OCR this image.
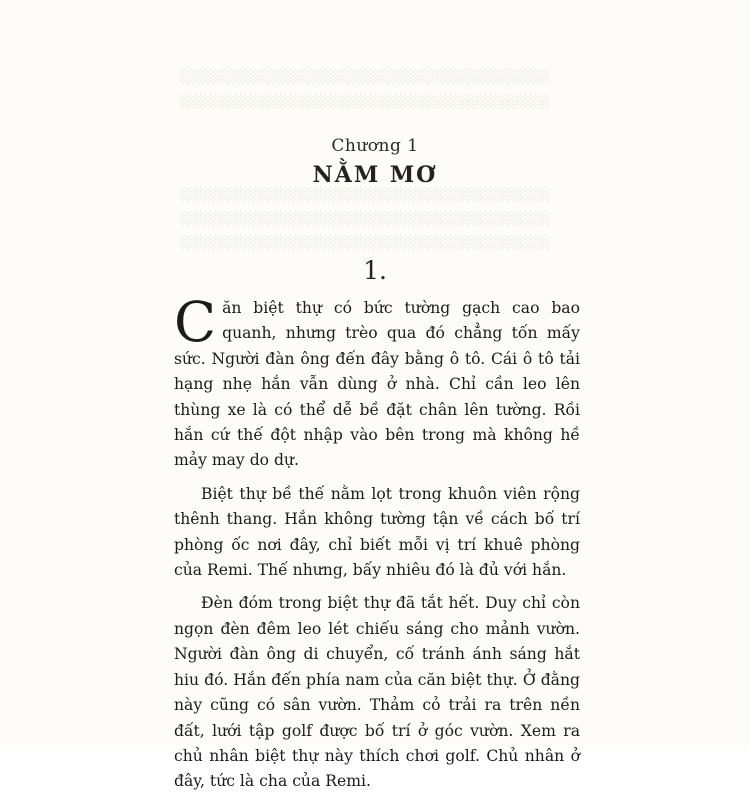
░░░░░░░░░░░░░░░░░░░░░░░░░░░░░░░░░░░░░
░░░░░░░░░░░░░░░░░░░░░░░░░░░░░░░░░░░░░
░░░░░░░░░░░░░░░░░░░░░░░░░░░░░░░░░░░░░
░░░░░░░░░░░░░░░░░░░░░░░░░░░░░░░░░░░░░
░░░░░░░░░░░░░░░░░░░░░░░░░░░░░░░░░░░░░
Chương 1
NẰM MƠ
1.

Căn biệt thự có bức tường gạch cao bao quanh, nhưng trèo qua đó chẳng tốn mấy sức. Người đàn ông đến đây bằng ô tô. Cái ô tô tải hạng nhẹ hắn vẫn dùng ở nhà. Chỉ cần leo lên thùng xe là có thể dễ bề đặt chân lên tường. Rồi hắn cứ thế đột nhập vào bên trong mà không hề mảy may do dự.

Biệt thự bề thế nằm lọt trong khuôn viên rộng thênh thang. Hắn không tường tận về cách bố trí phòng ốc nơi đây, chỉ biết mỗi vị trí khuê phòng của Remi. Thế nhưng, bấy nhiêu đó là đủ với hắn.

Đèn đóm trong biệt thự đã tắt hết. Duy chỉ còn ngọn đèn đêm leo lét chiếu sáng cho mảnh vườn. Người đàn ông di chuyển, cố tránh ánh sáng hắt hiu đó. Hắn đến phía nam của căn biệt thự. Ở đằng này cũng có sân vườn. Thảm cỏ trải ra trên nền đất, lưới tập golf được bố trí ở góc vườn. Xem ra chủ nhân biệt thự này thích chơi golf. Chủ nhân ở đây, tức là cha của Remi.
